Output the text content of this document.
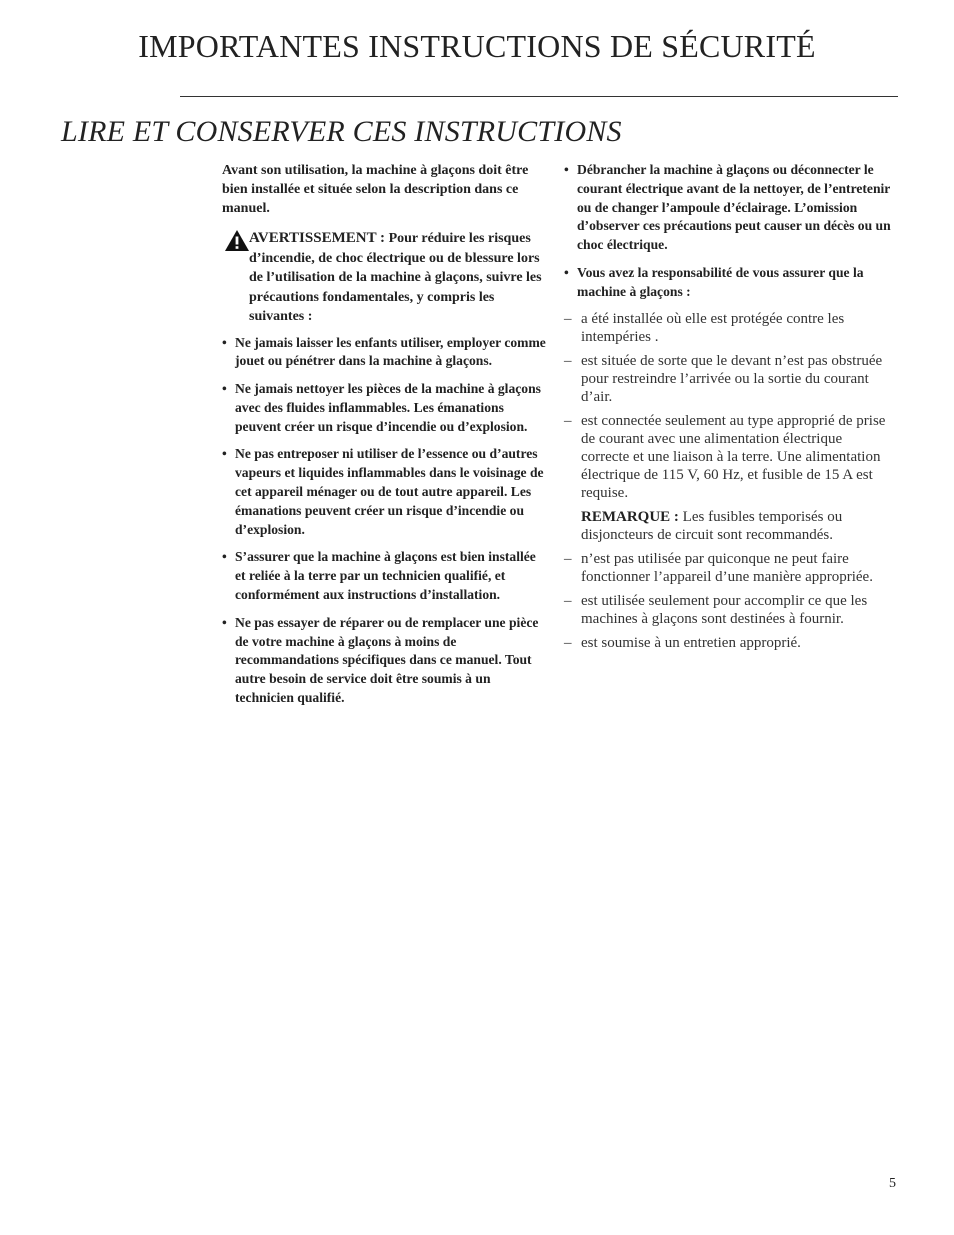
IMPORTANTES INSTRUCTIONS DE SÉCURITÉ
LIRE ET CONSERVER CES INSTRUCTIONS

Avant son utilisation, la machine à glaçons doit être bien installée et située selon la description dans ce manuel.

AVERTISSEMENT : Pour réduire les risques d’incendie, de choc électrique ou de blessure lors de l’utilisation de la machine à glaçons, suivre les précautions fondamentales, y compris les suivantes :
• Ne jamais laisser les enfants utiliser, employer comme jouet ou pénétrer dans la machine à glaçons.
• Ne jamais nettoyer les pièces de la machine à glaçons avec des fluides inflammables. Les émanations peuvent créer un risque d’incendie ou d’explosion.
• Ne pas entreposer ni utiliser de l’essence ou d’autres vapeurs et liquides inflammables dans le voisinage de cet appareil ménager ou de tout autre appareil. Les émanations peuvent créer un risque d’incendie ou d’explosion.
• S’assurer que la machine à glaçons est bien installée et reliée à la terre par un technicien qualifié, et conformément aux instructions d’installation.
• Ne pas essayer de réparer ou de remplacer une pièce de votre machine à glaçons à moins de recommandations spécifiques dans ce manuel. Tout autre besoin de service doit être soumis à un technicien qualifié.
• Débrancher la machine à glaçons ou déconnecter le courant électrique avant de la nettoyer, de l’entretenir ou de changer l’ampoule d’éclairage. L’omission d’observer ces précautions peut causer un décès ou un choc électrique.
• Vous avez la responsabilité de vous assurer que la machine à glaçons :
– a été installée où elle est protégée contre les intempéries .
– est située de sorte que le devant n’est pas obstruée pour restreindre l’arrivée ou la sortie du courant d’air.
– est connectée seulement au type approprié de prise de courant avec une alimentation électrique correcte et une liaison à la terre. Une alimentation électrique de 115 V, 60 Hz, et fusible de 15 A est requise.

REMARQUE : Les fusibles temporisés ou disjoncteurs de circuit sont recommandés.

– n’est pas utilisée par quiconque ne peut faire fonctionner l’appareil d’une manière appropriée.
– est utilisée seulement pour accomplir ce que les machines à glaçons sont destinées à fournir.
– est soumise à un entretien approprié.
5
